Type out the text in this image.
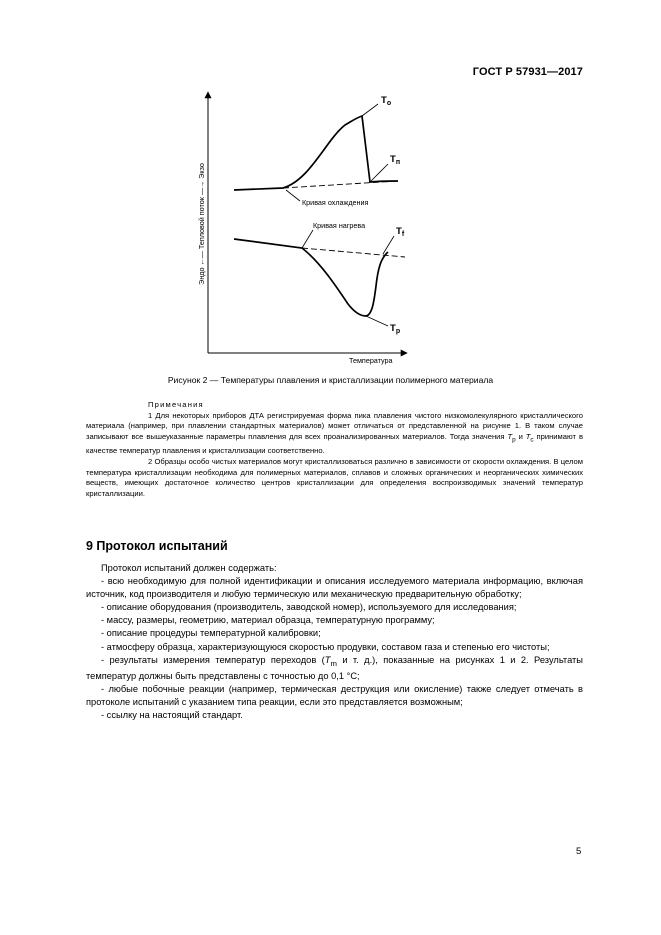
ГОСТ Р 57931—2017
Эндо ←— Тепловой поток —→ Экзо
Температура
$T_o$
$T_п$
Кривая охлаждения
Кривая нагрева
$T_f$
$T_p$
Рисунок 2 — Температуры плавления и кристаллизации полимерного материала
Примечания

1 Для некоторых приборов ДТА регистрируемая форма пика плавления чистого низкомолекулярного кристаллического материала (например, при плавлении стандартных материалов) может отличаться от представленной на рисунке 1. В таком случае записывают все вышеуказанные параметры плавления для всех проанализированных материалов. Тогда значения $T_p$ и $T_c$ принимают в качестве температур плавления и кристаллизации соответственно.

2 Образцы особо чистых материалов могут кристаллизоваться различно в зависимости от скорости охлаждения. В целом температура кристаллизации необходима для полимерных материалов, сплавов и сложных органических и неорганических химических веществ, имеющих достаточное количество центров кристаллизации для определения воспроизводимых значений температур кристаллизации.

9 Протокол испытаний

Протокол испытаний должен содержать:

- всю необходимую для полной идентификации и описания исследуемого материала информацию, включая источник, код производителя и любую термическую или механическую предварительную обработку;

- описание оборудования (производитель, заводской номер), используемого для исследования;

- массу, размеры, геометрию, материал образца, температурную программу;

- описание процедуры температурной калибровки;

- атмосферу образца, характеризующуюся скоростью продувки, составом газа и степенью его чистоты;

- результаты измерения температур переходов ($T_m$ и т. д.), показанные на рисунках 1 и 2. Результаты температур должны быть представлены с точностью до 0,1 °С;

- любые побочные реакции (например, термическая деструкция или окисление) также следует отмечать в протоколе испытаний с указанием типа реакции, если это представляется возможным;

- ссылку на настоящий стандарт.

5
